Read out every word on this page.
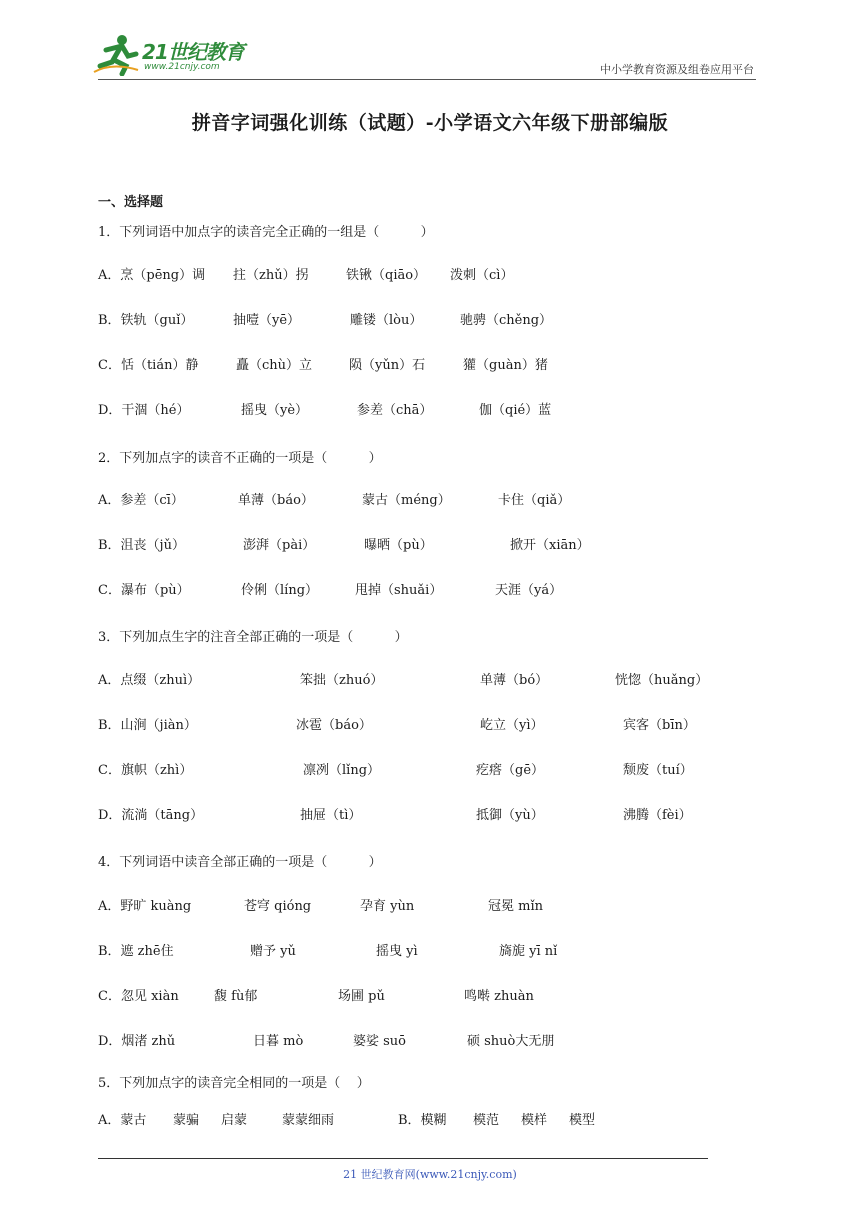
21世纪教育
www.21cnjy.com	中小学教育资源及组卷应用平台
拼音字词强化训练（试题）-小学语文六年级下册部编版
一、选择题
1．下列词语中加点字的读音完全正确的一组是（          ）
A．烹（pēng）调 拄（zhǔ）拐	铁锹（qiāo） 泼刺（cì）
B．铁轨（guǐ）	抽噎（yē）	雕镂（lòu）	驰骋（chěng）
C．恬（tián）静	矗（chù）立	陨（yǔn）石	獾（guàn）猪
D．干涸（hé）	摇曳（yè）	参差（chā）	伽（qié）蓝
2．下列加点字的读音不正确的一项是（          ）
A．参差（cī）	单薄（báo）	蒙古（méng）	卡住（qiǎ）
B．沮丧（jǔ）	澎湃（pài）	曝晒（pù）	掀开（xiān）
C．瀑布（pù）	伶俐（líng）	甩掉（shuǎi）	天涯（yá）
3．下列加点生字的注音全部正确的一项是（          ）
A．点缀（zhuì）	笨拙（zhuó）	单薄（bó）	恍惚（huǎng）
B．山涧（jiàn）	冰雹（báo）	屹立（yì）	宾客（bīn）
C．旗帜（zhì）	凛冽（lǐng）	疙瘩（gē）	颓废（tuí）
D．流淌（tāng）	抽屉（tì）	抵御（yù）	沸腾（fèi）
4．下列词语中读音全部正确的一项是（          ）
A．野旷 kuàng	苍穹 qióng	孕育 yùn	冠冕 mǐn
B．遮 zhē住	赠予 yǔ	摇曳 yì	旖旎 yī nǐ
C．忽见 xiàn	馥 fù郁	场圃 pǔ	鸣啭 zhuàn
D．烟渚 zhǔ	日暮 mò	婆娑 suō	硕 shuò大无朋
5．下列加点字的读音完全相同的一项是（    ）
A．蒙古 蒙骗 启蒙	蒙蒙细雨	B．模糊 模范 模样 模型
21 世纪教育网(www.21cnjy.com)
